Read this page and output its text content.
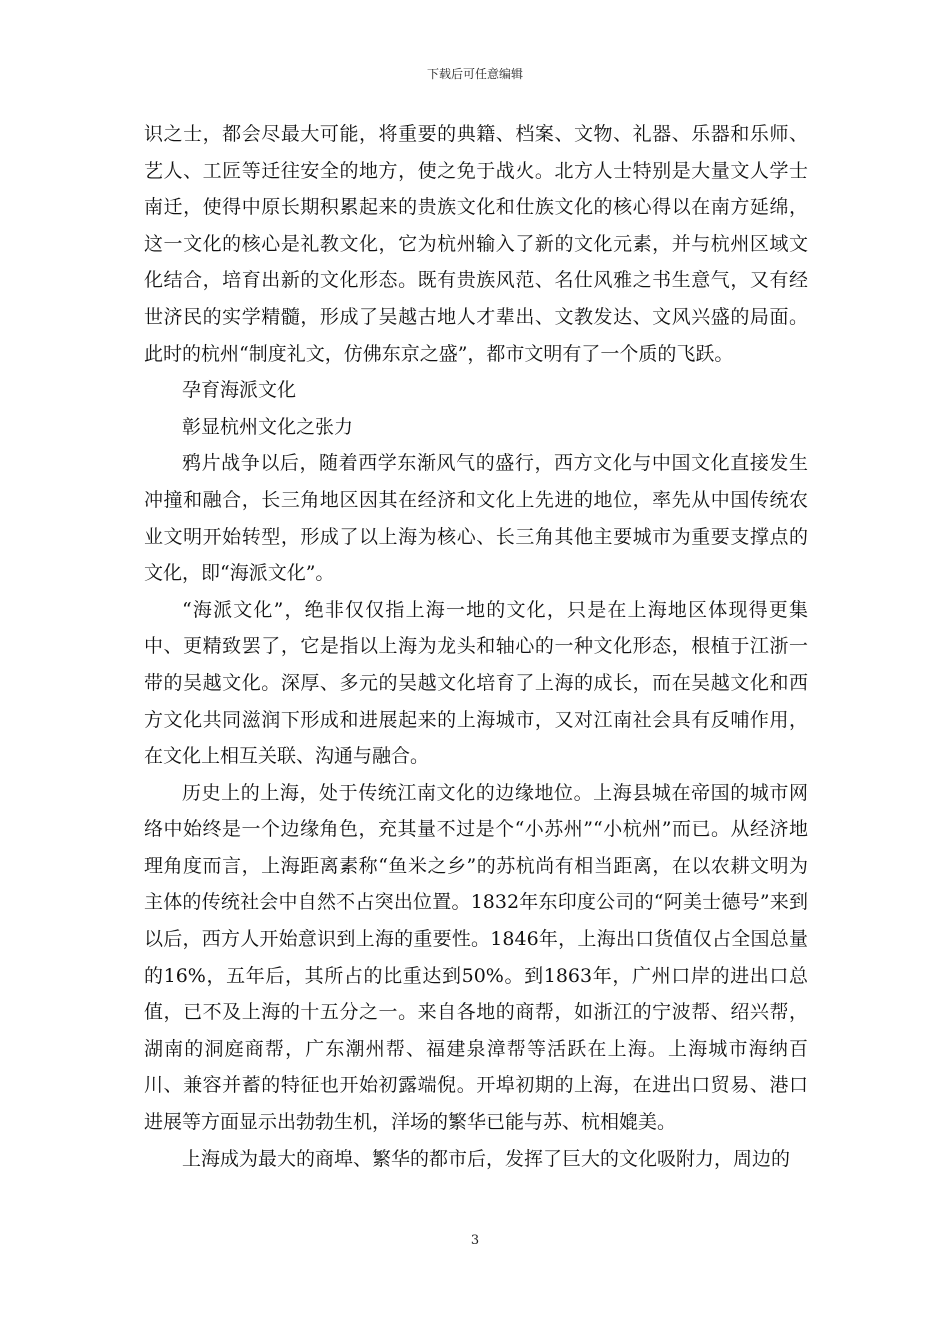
下载后可任意编辑

识之士，都会尽最大可能，将重要的典籍、档案、文物、礼器、乐器和乐师、艺人、工匠等迁往安全的地方，使之免于战火。北方人士特别是大量文人学士南迁，使得中原长期积累起来的贵族文化和仕族文化的核心得以在南方延绵，这一文化的核心是礼教文化，它为杭州输入了新的文化元素，并与杭州区域文化结合，培育出新的文化形态。既有贵族风范、名仕风雅之书生意气，又有经世济民的实学精髓，形成了吴越古地人才辈出、文教发达、文风兴盛的局面。此时的杭州“制度礼文，仿佛东京之盛”，都市文明有了一个质的飞跃。

孕育海派文化

彰显杭州文化之张力

鸦片战争以后，随着西学东渐风气的盛行，西方文化与中国文化直接发生冲撞和融合，长三角地区因其在经济和文化上先进的地位，率先从中国传统农业文明开始转型，形成了以上海为核心、长三角其他主要城市为重要支撑点的文化，即“海派文化”。

“海派文化”，绝非仅仅指上海一地的文化，只是在上海地区体现得更集中、更精致罢了，它是指以上海为龙头和轴心的一种文化形态，根植于江浙一带的吴越文化。深厚、多元的吴越文化培育了上海的成长，而在吴越文化和西方文化共同滋润下形成和进展起来的上海城市，又对江南社会具有反哺作用，在文化上相互关联、沟通与融合。

历史上的上海，处于传统江南文化的边缘地位。上海县城在帝国的城市网络中始终是一个边缘角色，充其量不过是个“小苏州”“小杭州”而已。从经济地理角度而言，上海距离素称“鱼米之乡”的苏杭尚有相当距离，在以农耕文明为主体的传统社会中自然不占突出位置。1832年东印度公司的“阿美士德号”来到以后，西方人开始意识到上海的重要性。1846年，上海出口货值仅占全国总量的16%，五年后，其所占的比重达到50%。到1863年，广州口岸的进出口总值，已不及上海的十五分之一。来自各地的商帮，如浙江的宁波帮、绍兴帮，湖南的洞庭商帮，广东潮州帮、福建泉漳帮等活跃在上海。上海城市海纳百川、兼容并蓄的特征也开始初露端倪。开埠初期的上海，在进出口贸易、港口进展等方面显示出勃勃生机，洋场的繁华已能与苏、杭相媲美。

上海成为最大的商埠、繁华的都市后，发挥了巨大的文化吸附力，周边的

3
